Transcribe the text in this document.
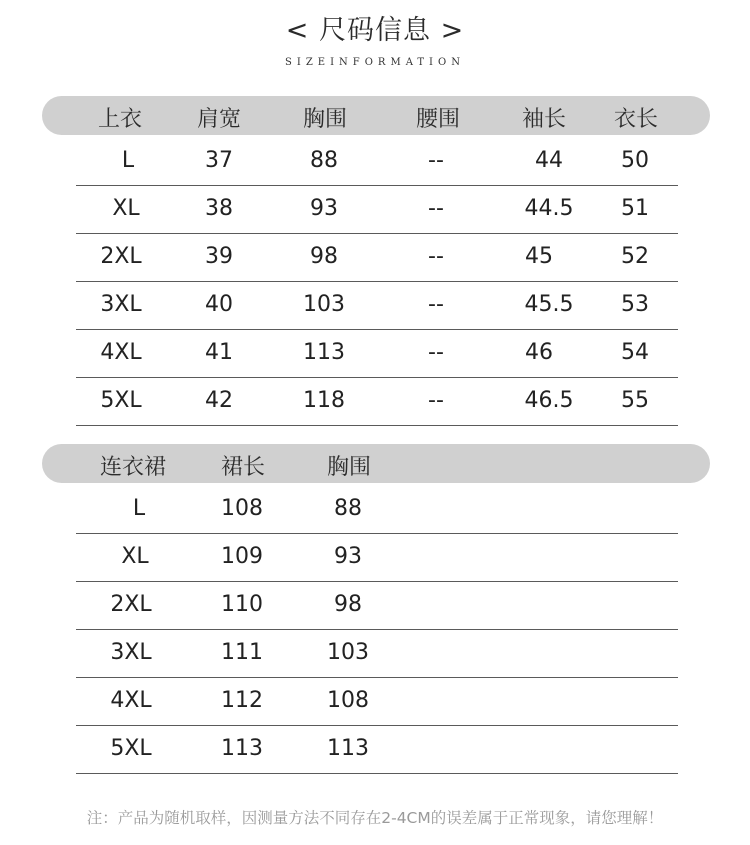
< 尺码信息 >
SIZEINFORMATION
上衣 肩宽	胸围	腰围	袖长 衣长
L	37	88	--	44	50
XL	38	93	--	44.5 51
2XL	39	98	--	45	52
3XL	40	103	--	45.5 53
4XL	41	113	--	46	54
5XL	42	118	--	46.5 55
连衣裙 裙长	胸围
L	108	88
XL	109	93
2XL	110	98
3XL	111	103
4XL	112	108
5XL	113	113
注：产品为随机取样，因测量方法不同存在2-4CM的误差属于正常现象，请您理解！
